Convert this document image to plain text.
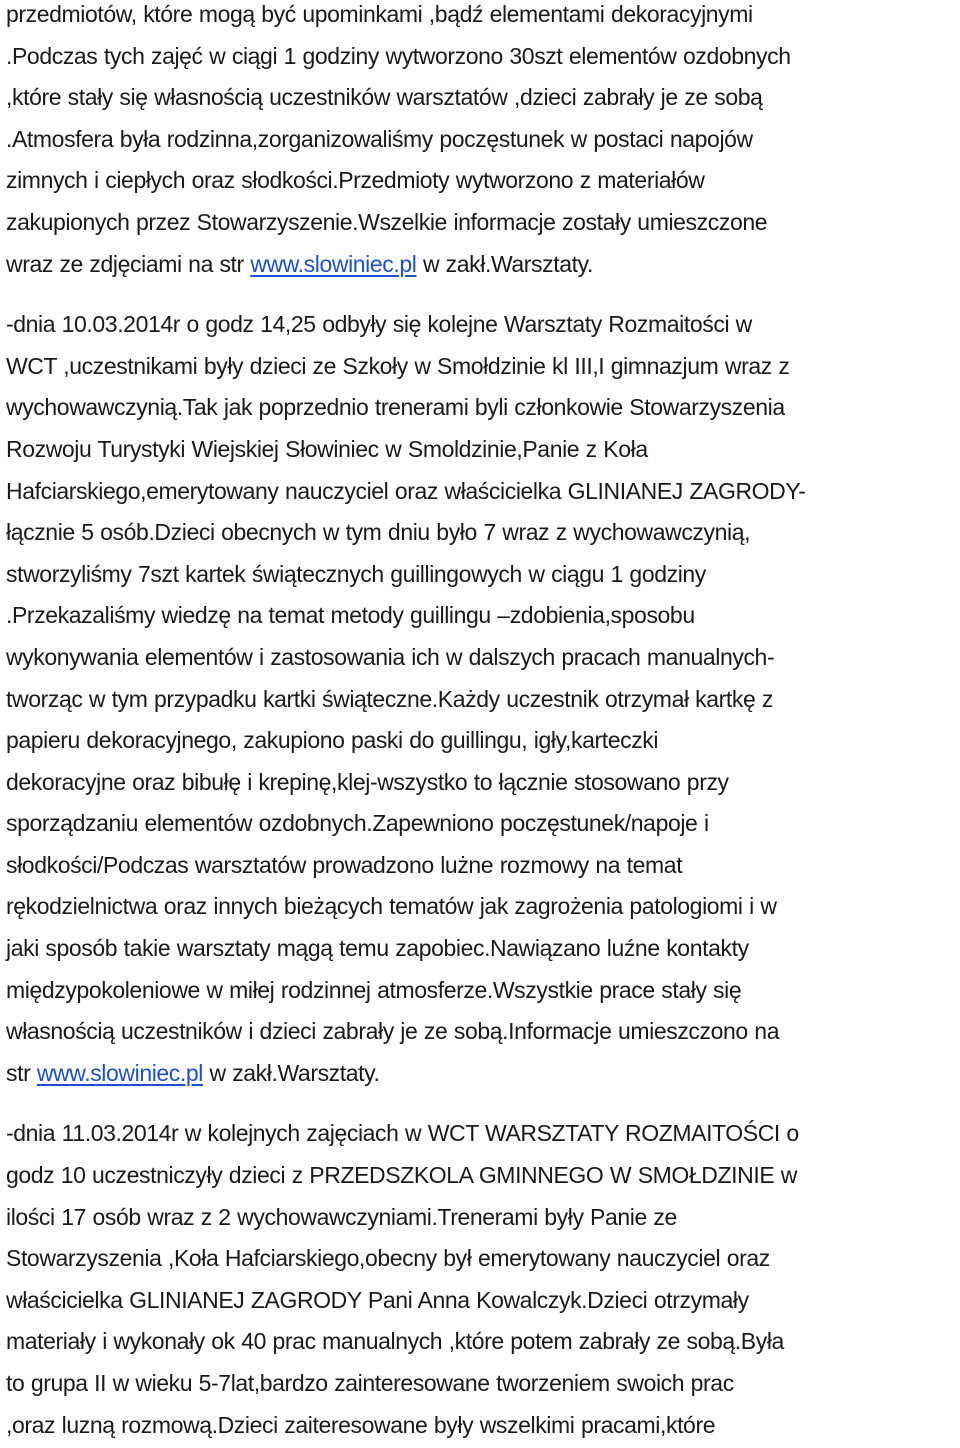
przedmiotów, które mogą być upominkami ,bądź elementami dekoracyjnymi
.Podczas tych zajęć w ciągi 1 godziny wytworzono 30szt elementów ozdobnych
,które stały się własnością uczestników warsztatów ,dzieci zabrały je ze sobą
.Atmosfera była rodzinna,zorganizowaliśmy poczęstunek w postaci napojów
zimnych i ciepłych oraz słodkości.Przedmioty wytworzono z materiałów
zakupionych przez Stowarzyszenie.Wszelkie informacje zostały umieszczone
wraz ze zdjęciami na str www.slowiniec.pl w zakł.Warsztaty.
-dnia 10.03.2014r o godz 14,25 odbyły się kolejne Warsztaty Rozmaitości w
WCT ,uczestnikami były dzieci ze Szkoły w Smołdzinie kl III,I gimnazjum wraz z
wychowawczynią.Tak jak poprzednio trenerami byli członkowie Stowarzyszenia
Rozwoju Turystyki Wiejskiej Słowiniec w Smoldzinie,Panie z Koła
Hafciarskiego,emerytowany nauczyciel oraz właścicielka GLINIANEJ ZAGRODY-
łącznie 5 osób.Dzieci obecnych w tym dniu było 7 wraz z wychowawczynią,
stworzyliśmy 7szt kartek świątecznych guillingowych w ciągu 1 godziny
.Przekazaliśmy wiedzę na temat metody guillingu –zdobienia,sposobu
wykonywania elementów i zastosowania ich w dalszych pracach manualnych-
tworząc w tym przypadku kartki świąteczne.Każdy uczestnik otrzymał kartkę z
papieru dekoracyjnego, zakupiono paski do guillingu, igły,karteczki
dekoracyjne oraz bibułę i krepinę,klej-wszystko to łącznie stosowano przy
sporządzaniu elementów ozdobnych.Zapewniono poczęstunek/napoje i
słodkości/Podczas warsztatów prowadzono lużne rozmowy na temat
rękodzielnictwa oraz innych bieżących tematów jak zagrożenia patologiomi i w
jaki sposób takie warsztaty mągą temu zapobiec.Nawiązano luźne kontakty
międzypokoleniowe w miłej rodzinnej atmosferze.Wszystkie prace stały się
własnością uczestników i dzieci zabrały je ze sobą.Informacje umieszczono na
str www.slowiniec.pl w zakł.Warsztaty.
-dnia 11.03.2014r w kolejnych zajęciach w WCT WARSZTATY ROZMAITOŚCI o
godz 10 uczestniczyły dzieci z PRZEDSZKOLA GMINNEGO W SMOŁDZINIE w
ilości 17 osób wraz z 2 wychowawczyniami.Trenerami były Panie ze
Stowarzyszenia ,Koła Hafciarskiego,obecny był emerytowany nauczyciel oraz
właścicielka GLINIANEJ ZAGRODY Pani Anna Kowalczyk.Dzieci otrzymały
materiały i wykonały ok 40 prac manualnych ,które potem zabrały ze sobą.Była
to grupa II w wieku 5-7lat,bardzo zainteresowane tworzeniem swoich prac
,oraz luzną rozmową.Dzieci zaiteresowane były wszelkimi pracami,które
